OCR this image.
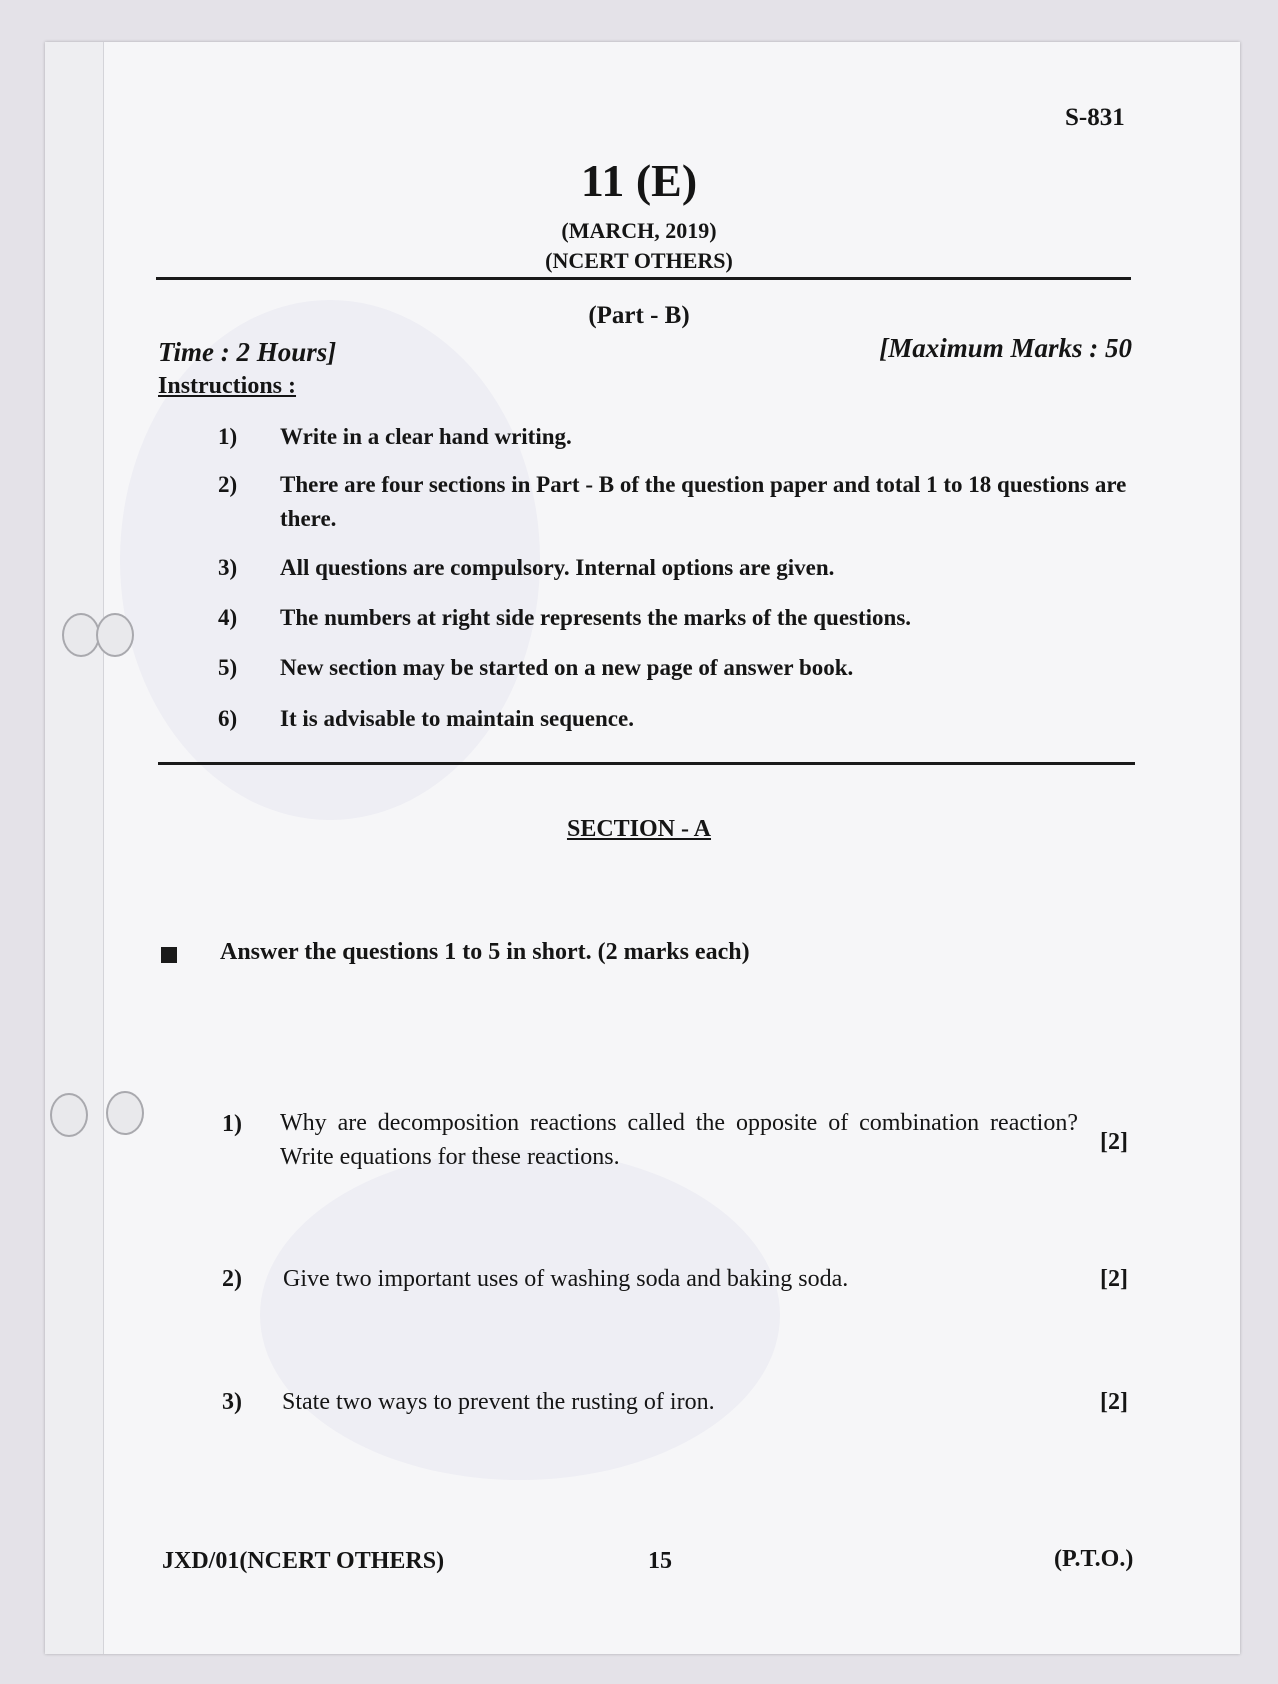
S-831
11 (E)
(MARCH, 2019)
(NCERT OTHERS)
(Part - B)
Time : 2 Hours]	[Maximum Marks : 50
Instructions :
1)	Write in a clear hand writing.
2)	There are four sections in Part - B of the question paper and total 1 to 18 questions are there.
3)	All questions are compulsory. Internal options are given.
4)	The numbers at right side represents the marks of the questions.
5)	New section may be started on a new page of answer book.
6)	It is advisable to maintain sequence.
SECTION - A
Answer the questions 1 to 5 in short. (2 marks each)
1) Why are decomposition reactions called the opposite of combination reaction? Write equations for these reactions.
[2]
2) Give two important uses of washing soda and baking soda.	[2]
3) State two ways to prevent the rusting of iron.	[2]
JXD/01(NCERT OTHERS)	15	(P.T.O.)
